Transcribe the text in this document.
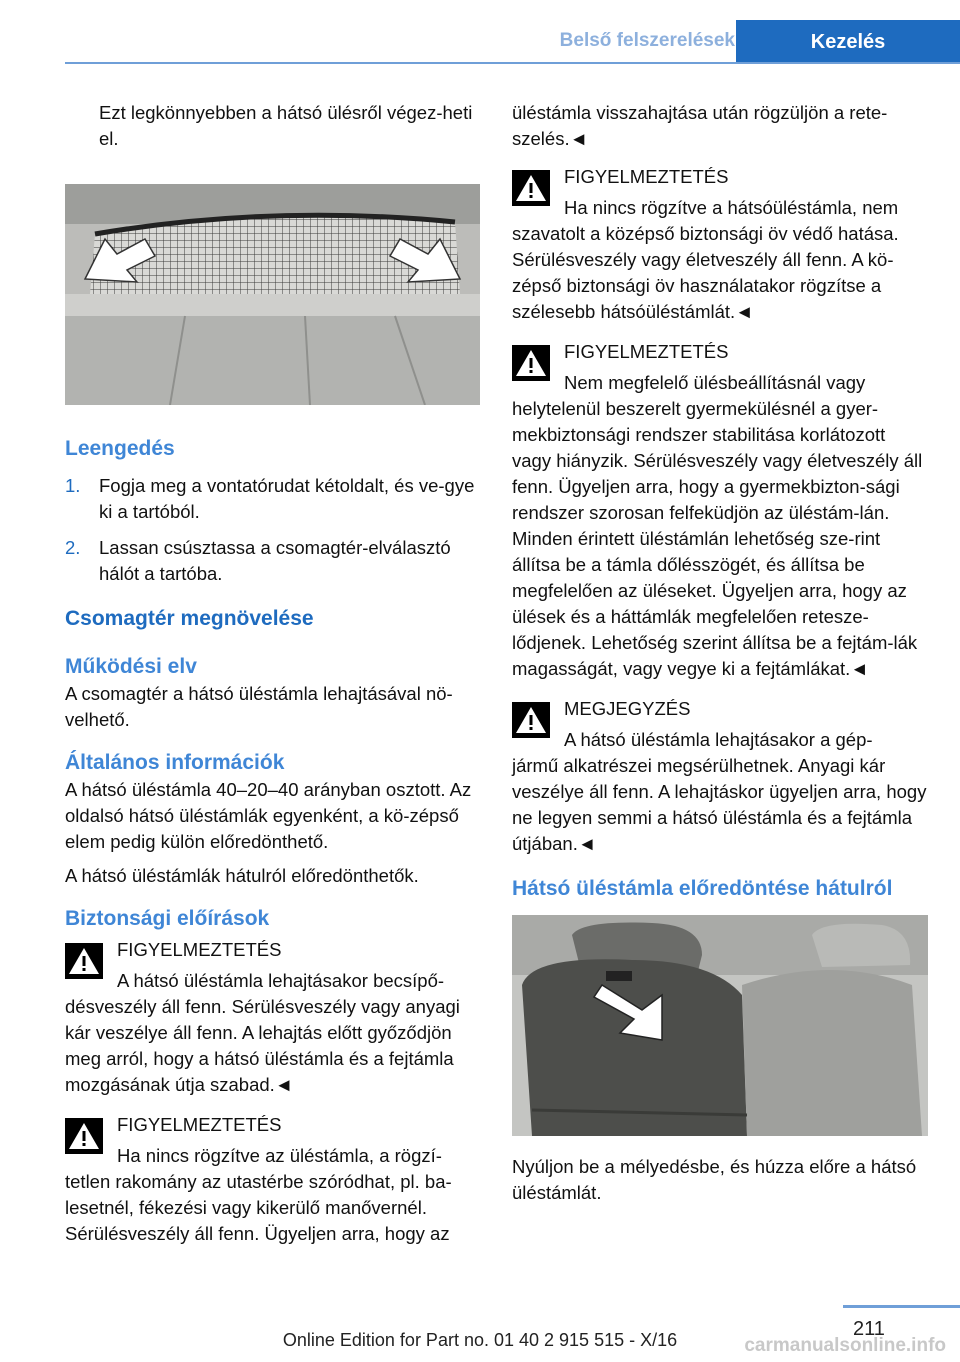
Belső felszerelések	Kezelés

Ezt legkönnyebben a hátsó ülésről végez-heti el.

Leengedés
1. Fogja meg a vontatórudat kétoldalt, és ve-gye ki a tartóból.
2. Lassan csúsztassa a csomagtér-elválasztó hálót a tartóba.
Csomagtér megnövelése
Működési elv

A csomagtér a hátsó üléstámla lehajtásával nö-velhető.

Általános információk

A hátsó üléstámla 40–20–40 arányban osztott. Az oldalsó hátsó üléstámlák egyenként, a kö-zépső elem pedig külön előredönthető.

A hátsó üléstámlák hátulról előredönthetők.

Biztonsági előírások
FIGYELMEZTETÉS
A hátsó üléstámla lehajtásakor becsípő-
désveszély áll fenn. Sérülésveszély vagy anyagi kár veszélye áll fenn. A lehajtás előtt győződjön meg arról, hogy a hátsó üléstámla és a fejtámla mozgásának útja szabad.◄
FIGYELMEZTETÉS
Ha nincs rögzítve az üléstámla, a rögzí-
tetlen rakomány az utastérbe szóródhat, pl. ba-lesetnél, fékezési vagy kikerülő manővernél. Sérülésveszély áll fenn. Ügyeljen arra, hogy az

üléstámla visszahajtása után rögzüljön a rete-szelés.◄

FIGYELMEZTETÉS
Ha nincs rögzítve a hátsóüléstámla, nem
szavatolt a középső biztonsági öv védő hatása. Sérülésveszély vagy életveszély áll fenn. A kö-zépső biztonsági öv használatakor rögzítse a szélesebb hátsóüléstámlát.◄
FIGYELMEZTETÉS
Nem megfelelő ülésbeállításnál vagy
helytelenül beszerelt gyermekülésnél a gyer-mekbiztonsági rendszer stabilitása korlátozott vagy hiányzik. Sérülésveszély vagy életveszély áll fenn. Ügyeljen arra, hogy a gyermekbizton-sági rendszer szorosan felfeküdjön az üléstám-lán. Minden érintett üléstámlán lehetőség sze-rint állítsa be a támla dőlésszögét, és állítsa be megfelelően az üléseket. Ügyeljen arra, hogy az ülések és a háttámlák megfelelően retesze-lődjenek. Lehetőség szerint állítsa be a fejtám-lák magasságát, vagy vegye ki a fejtámlákat.◄
MEGJEGYZÉS
A hátsó üléstámla lehajtásakor a gép-
jármű alkatrészei megsérülhetnek. Anyagi kár veszélye áll fenn. A lehajtáskor ügyeljen arra, hogy ne legyen semmi a hátsó üléstámla és a fejtámla útjában.◄
Hátsó üléstámla előredöntése hátulról

Nyúljon be a mélyedésbe, és húzza előre a hátsó üléstámlát.

211
Online Edition for Part no. 01 40 2 915 515 - X/16	carmanualsonline.info
